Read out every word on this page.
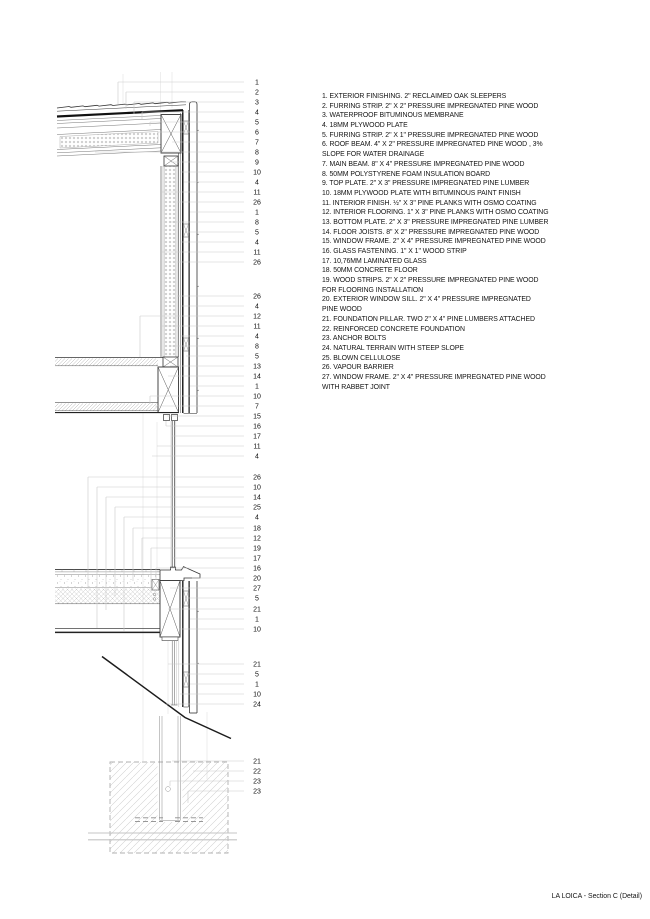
1
2
3
4
5
6
7
8
9
10
4
11
26
1
8
5
4
11
26
26
4
12
11
4
8
5
13
14
1
10
7
15
16
17
11
4
26
10
14
25
4
18
12
19
17
16
20
27
5
21
1
10
21
5
1
10
24
21
22
23
23
1. EXTERIOR FINISHING. 2" RECLAIMED OAK SLEEPERS
2. FURRING STRIP. 2" X 2" PRESSURE IMPREGNATED PINE WOOD
3. WATERPROOF BITUMINOUS MEMBRANE
4. 18MM PLYWOOD PLATE
5. FURRING STRIP. 2" X 1" PRESSURE IMPREGNATED PINE WOOD
6. ROOF BEAM. 4" X 2" PRESSURE IMPREGNATED PINE WOOD , 3%
SLOPE FOR WATER DRAINAGE
7. MAIN BEAM. 8" X 4" PRESSURE IMPREGNATED PINE WOOD
8. 50MM POLYSTYRENE FOAM INSULATION BOARD
9. TOP PLATE. 2" X 3" PRESSURE IMPREGNATED PINE LUMBER
10. 18MM PLYWOOD PLATE WITH BITUMINOUS PAINT FINISH
11. INTERIOR FINISH. ½" X 3" PINE PLANKS WITH OSMO COATING
12. INTERIOR FLOORING. 1" X 3" PINE PLANKS WITH OSMO COATING
13. BOTTOM PLATE. 2" X 3" PRESSURE IMPREGNATED PINE LUMBER
14. FLOOR JOISTS. 8" X 2" PRESSURE IMPREGNATED PINE WOOD
15. WINDOW FRAME. 2" X 4" PRESSURE IMPREGNATED PINE WOOD
16. GLASS FASTENING. 1" X 1" WOOD STRIP
17. 10,76MM LAMINATED GLASS
18. 50MM CONCRETE FLOOR
19. WOOD STRIPS. 2" X 2" PRESSURE IMPREGNATED PINE WOOD
FOR FLOORING INSTALLATION
20. EXTERIOR WINDOW SILL. 2" X 4" PRESSURE IMPREGNATED
PINE WOOD
21. FOUNDATION PILLAR. TWO 2" X 4" PINE LUMBERS ATTACHED
22. REINFORCED CONCRETE FOUNDATION
23. ANCHOR BOLTS
24. NATURAL TERRAIN WITH STEEP SLOPE
25. BLOWN CELLULOSE
26. VAPOUR BARRIER
27. WINDOW FRAME. 2" X 4" PRESSURE IMPREGNATED PINE WOOD
WITH RABBET JOINT
LA LOICA - Section C (Detail)
